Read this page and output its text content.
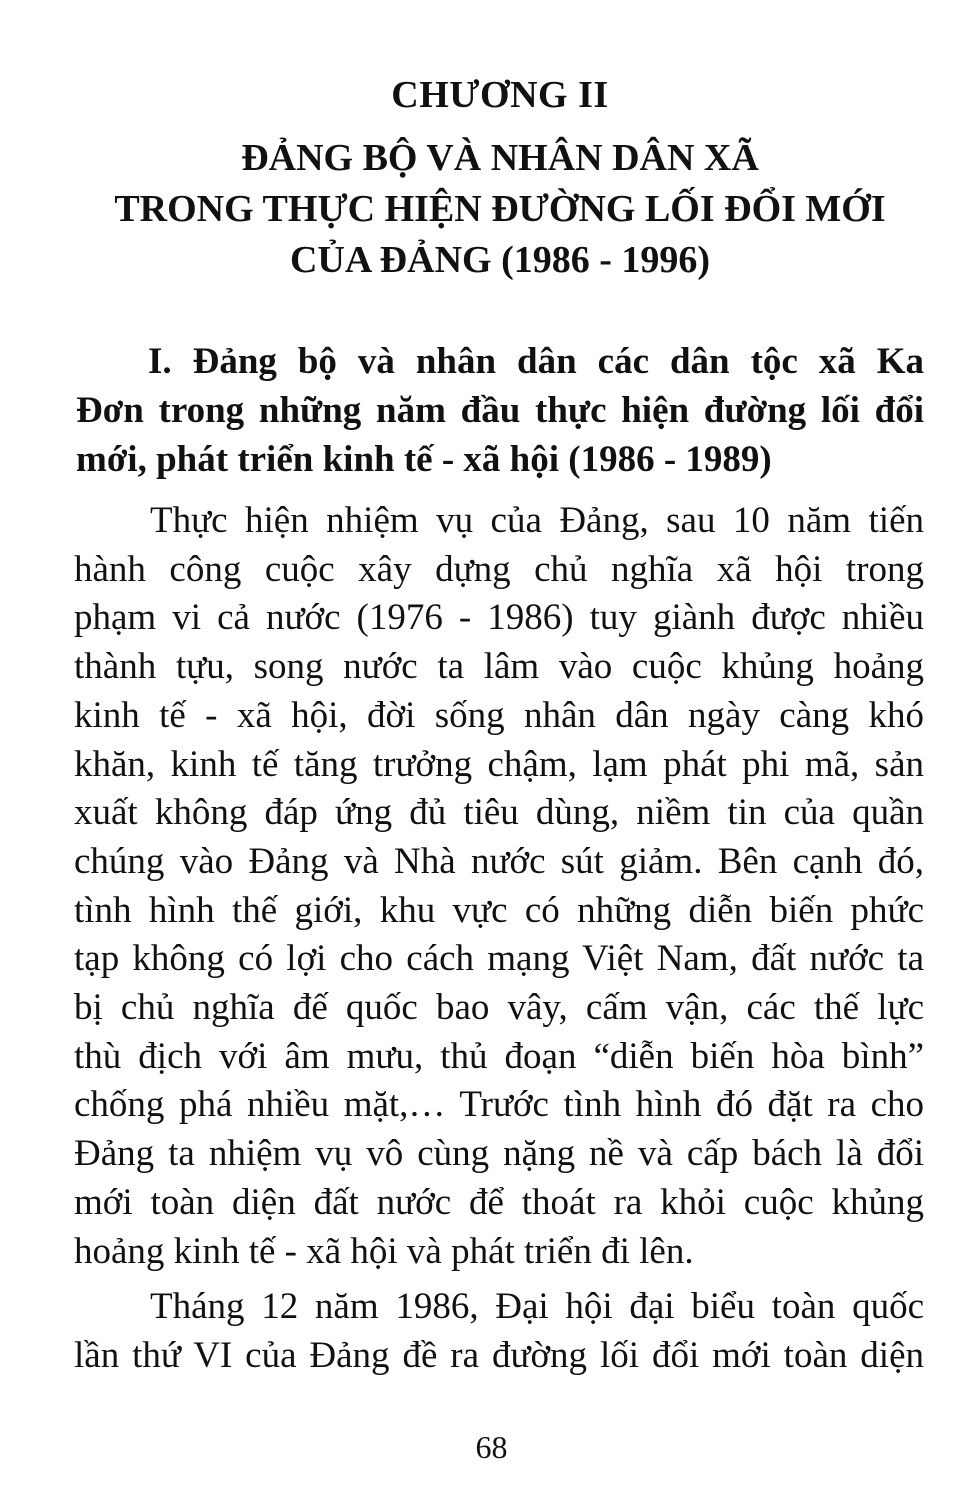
CHƯƠNG II
ĐẢNG BỘ VÀ NHÂN DÂN XÃ
TRONG THỰC HIỆN ĐƯỜNG LỐI ĐỔI MỚI
CỦA ĐẢNG (1986 - 1996)
I. Đảng bộ và nhân dân các dân tộc xã Ka
Đơn trong những năm đầu thực hiện đường lối đổi
mới, phát triển kinh tế - xã hội (1986 - 1989)
Thực hiện nhiệm vụ của Đảng, sau 10 năm tiến
hành công cuộc xây dựng chủ nghĩa xã hội trong
phạm vi cả nước (1976 - 1986) tuy giành được nhiều
thành tựu, song nước ta lâm vào cuộc khủng hoảng
kinh tế - xã hội, đời sống nhân dân ngày càng khó
khăn, kinh tế tăng trưởng chậm, lạm phát phi mã, sản
xuất không đáp ứng đủ tiêu dùng, niềm tin của quần
chúng vào Đảng và Nhà nước sút giảm. Bên cạnh đó,
tình hình thế giới, khu vực có những diễn biến phức
tạp không có lợi cho cách mạng Việt Nam, đất nước ta
bị chủ nghĩa đế quốc bao vây, cấm vận, các thế lực
thù địch với âm mưu, thủ đoạn “diễn biến hòa bình”
chống phá nhiều mặt,… Trước tình hình đó đặt ra cho
Đảng ta nhiệm vụ vô cùng nặng nề và cấp bách là đổi
mới toàn diện đất nước để thoát ra khỏi cuộc khủng
hoảng kinh tế - xã hội và phát triển đi lên.
Tháng 12 năm 1986, Đại hội đại biểu toàn quốc
lần thứ VI của Đảng đề ra đường lối đổi mới toàn diện
68
